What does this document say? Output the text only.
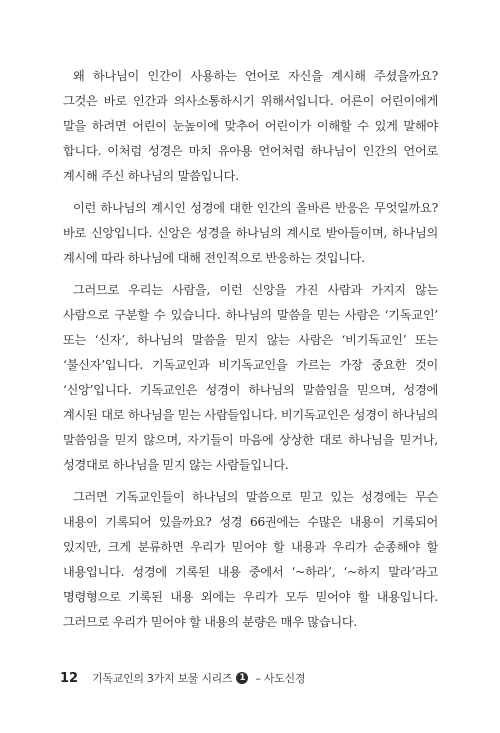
왜 하나님이 인간이 사용하는 언어로 자신을 계시해 주셨을까요? 그것은 바로 인간과 의사소통하시기 위해서입니다. 어른이 어린이에게 말을 하려면 어린이 눈높이에 맞추어 어린이가 이해할 수 있게 말해야 합니다. 이처럼 성경은 마치 유아용 언어처럼 하나님이 인간의 언어로 계시해 주신 하나님의 말씀입니다.

이런 하나님의 계시인 성경에 대한 인간의 올바른 반응은 무엇일까요? 바로 신앙입니다. 신앙은 성경을 하나님의 계시로 받아들이며, 하나님의 계시에 따라 하나님에 대해 전인적으로 반응하는 것입니다.

그러므로 우리는 사람을, 이런 신앙을 가진 사람과 가지지 않는 사람으로 구분할 수 있습니다. 하나님의 말씀을 믿는 사람은 ‘기독교인’ 또는 ‘신자’, 하나님의 말씀을 믿지 않는 사람은 ‘비기독교인’ 또는 ‘불신자’입니다. 기독교인과 비기독교인을 가르는 가장 중요한 것이 ‘신앙’입니다. 기독교인은 성경이 하나님의 말씀임을 믿으며, 성경에 계시된 대로 하나님을 믿는 사람들입니다. 비기독교인은 성경이 하나님의 말씀임을 믿지 않으며, 자기들이 마음에 상상한 대로 하나님을 믿거나, 성경대로 하나님을 믿지 않는 사람들입니다.

그러면 기독교인들이 하나님의 말씀으로 믿고 있는 성경에는 무슨 내용이 기록되어 있을까요? 성경 66권에는 수많은 내용이 기록되어 있지만, 크게 분류하면 우리가 믿어야 할 내용과 우리가 순종해야 할 내용입니다. 성경에 기록된 내용 중에서 ‘~하라’, ‘~하지 말라’라고 명령형으로 기록된 내용 외에는 우리가 모두 믿어야 할 내용입니다. 그러므로 우리가 믿어야 할 내용의 분량은 매우 많습니다.

12 기독교인의 3가지 보물 시리즈 1 – 사도신경
